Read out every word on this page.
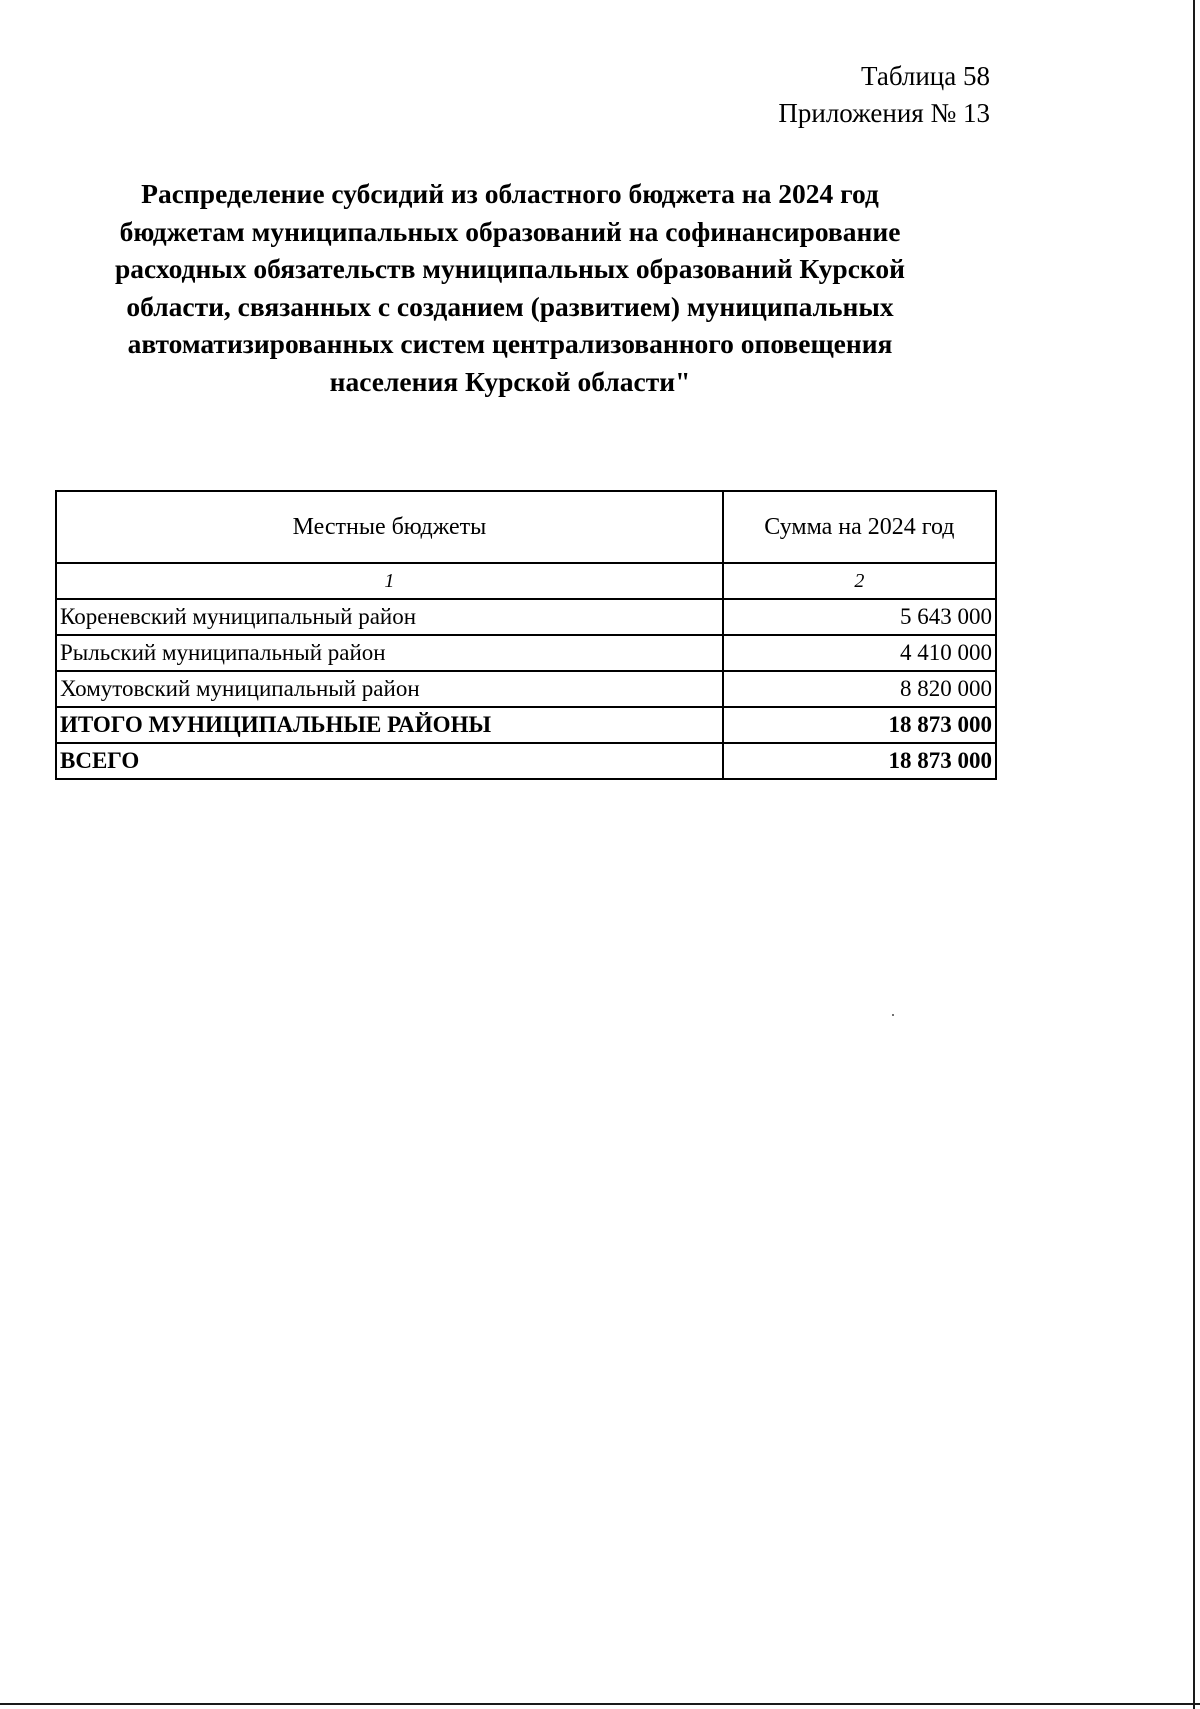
Таблица 58
Приложения № 13
Распределение субсидий из областного бюджета на 2024 год
бюджетам муниципальных образований на софинансирование
расходных обязательств муниципальных образований Курской
области, связанных с созданием (развитием) муниципальных
автоматизированных систем централизованного оповещения
населения Курской области"
Местные бюджеты	Сумма на 2024 год
1	2
Кореневский муниципальный район	5 643 000
Рыльский муниципальный район	4 410 000
Хомутовский муниципальный район	8 820 000
ИТОГО МУНИЦИПАЛЬНЫЕ РАЙОНЫ	18 873 000
ВСЕГО	18 873 000
